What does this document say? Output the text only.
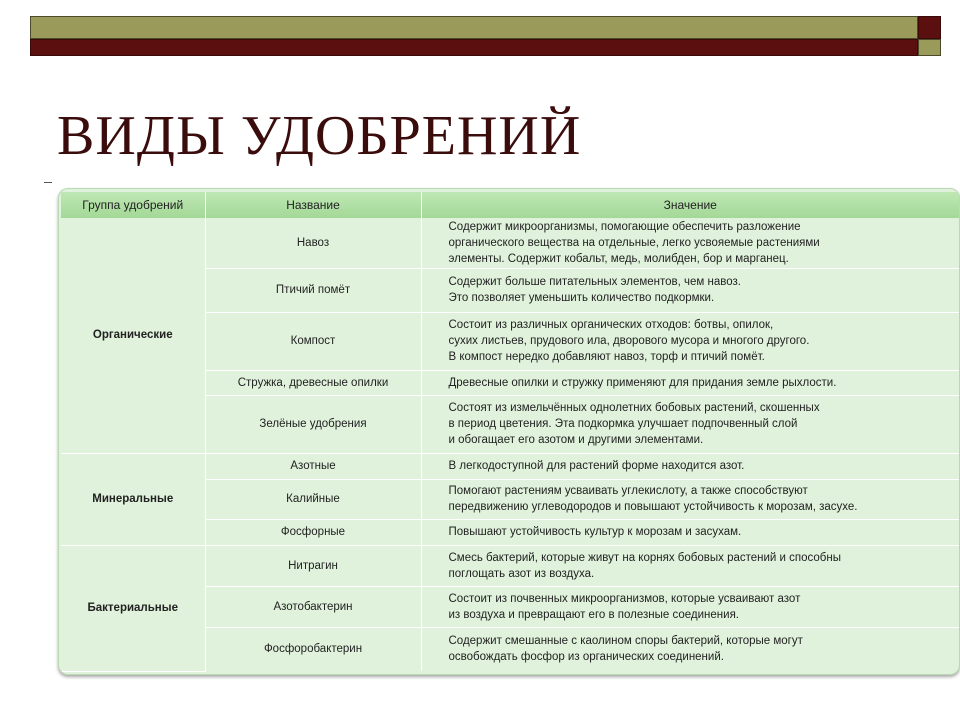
ВИДЫ УДОБРЕНИЙ
Группа удобрений	Название	Значение
Органические	Навоз	Содержит микроорганизмы, помогающие обеспечить разложение
органического вещества на отдельные, легко усвояемые растениями
элементы. Содержит кобальт, медь, молибден, бор и марганец.
	Птичий помёт	Содержит больше питательных элементов, чем навоз.
Это позволяет уменьшить количество подкормки.
	Компост	Состоит из различных органических отходов: ботвы, опилок,
сухих листьев, прудового ила, дворового мусора и многого другого.
В компост нередко добавляют навоз, торф и птичий помёт.
	Стружка, древесные опилки	Древесные опилки и стружку применяют для придания земле рыхлости.
	Зелёные удобрения	Состоят из измельчённых однолетних бобовых растений, скошенных
в период цветения. Эта подкормка улучшает подпочвенный слой
и обогащает его азотом и другими элементами.
Минеральные	Азотные	В легкодоступной для растений форме находится азот.
	Калийные	Помогают растениям усваивать углекислоту, а также способствуют
передвижению углеводородов и повышают устойчивость к морозам, засухе.
	Фосфорные	Повышают устойчивость культур к морозам и засухам.
Бактериальные	Нитрагин	Смесь бактерий, которые живут на корнях бобовых растений и способны
поглощать азот из воздуха.
	Азотобактерин	Состоит из почвенных микроорганизмов, которые усваивают азот
из воздуха и превращают его в полезные соединения.
	Фосфоробактерин	Содержит смешанные с каолином споры бактерий, которые могут
освобождать фосфор из органических соединений.
